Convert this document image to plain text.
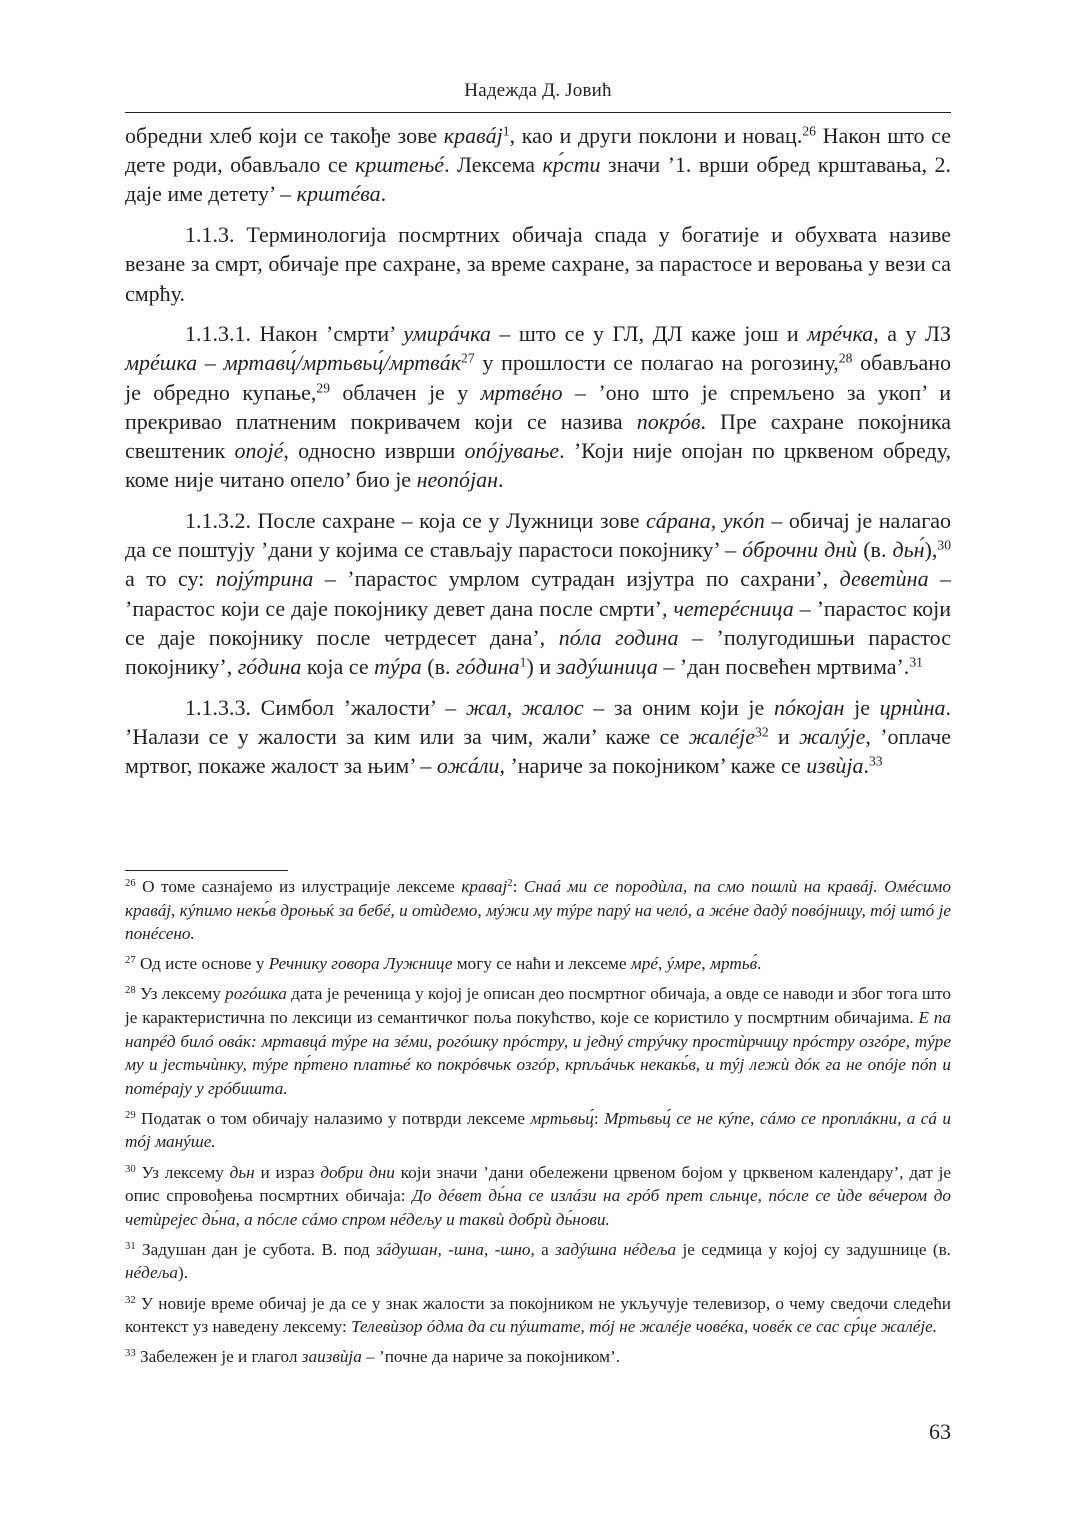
Надежда Д. Јовић

обредни хлеб који се такође зове кравáј$^1$, као и други поклони и новац.$^{26}$ Након што се дете роди, обављало се крштењé. Лексема кр́сти значи ’1. врши обред крштавања, 2. даје име детету’ – крштéва.

1.1.3. Терминологија посмртних обичаја спада у богатије и обухвата називе везане за смрт, обичаје пре сахране, за време сахране, за парастосе и веровања у вези са смрћу.

1.1.3.1. Након ’смрти’ умирáчка – што се у ГЛ, ДЛ каже још и мрéчка, а у ЛЗ мрéшка – мртавц́/мртьвьц́/мртвáк$^{27}$ у прошлости се полагао на рогозину,$^{28}$ обављано је обредно купање,$^{29}$ облачен је у мртвéно – ’оно што је спремљено за укоп’ и прекривао платненим покривачем који се назива покрóв. Пре сахране покојника свештеник опојé, односно изврши опóјување. ’Који није опојан по црквеном обреду, коме није читано опело’ био је неопóјан.

1.1.3.2. После сахране – која се у Лужници зове сáрана, укóп – обичај је налагао да се поштују ’дани у којима се стављају парастоси покојнику’ – óброчни днѝ (в. дьн́),$^{30}$ а то су: појýтрина – ’парастос умрлом сутрадан изјутра по сахрани’, деветѝна – ’парастос који се даје покојнику девет дана после смрти’, четерéсница – ’парастос који се даје покојнику после четрдесет дана’, пóла година – ’полугодишњи парастос покојнику’, гóдина која се тýра (в. гóдина$^1$) и задýшница – ’дан посвећен мртвима’.$^{31}$

1.1.3.3. Симбол ’жалости’ – жал, жалос – за оним који је пóкојан је црнѝна. ’Налази се у жалости за ким или за чим, жали’ каже се жалéје$^{32}$ и жалýје, ’оплаче мртвог, покаже жалост за њим’ – ожáли, ’нариче за покојником’ каже се извѝја.$^{33}$

$^{26}$ О томе сазнајемо из илустрације лексеме кравај$^2$: Снаá ми се породѝла, па смо пошлѝ на кравáј. Омéсимо кравáј, кýпимо некь́в дроњьќ за бебé, и отѝдемо, мýжи му тýре парý на челó, а жéне дадý повóјницу, тóј штó је понéсено.

$^{27}$ Од исте основе у Речнику говора Лужнице могу се наћи и лексеме мрé, ýмре, мртьв́.

$^{28}$ Уз лексему рогóшка дата је реченица у којој је описан део посмртног обичаја, а овде се наводи и због тога што је карактеристична по лексици из семантичког поља покућство, које се користило у посмртним обичајима. Е па напрéд билó овáк: мртавцá тýре на зéми, рогóшку прóстру, и једнý стрýчку простѝрчицу прóстру озгóре, тýре му и јестьчѝнку, тýре пр́тено платњé ко покрóвчьк озгóр, крпљáчьк некакь́в, и тýј лежѝ дóк га не опóје пóп и потéрају у грóбишта.

$^{29}$ Податак о том обичају налазимо у потврди лексеме мртьвьц́: Мртьвьц́ се не кýпе, сáмо се проплáкни, а сá и тóј манýше.

$^{30}$ Уз лексему дьн и израз добри дни који значи ’дани обележени црвеном бојом у црквеном календару’, дат је опис спровођења посмртних обичаја: До дéвет дь́на се излáзи на грóб прет сльнце, пóсле се ѝде вéчером до четѝрејес дь́на, а пóсле сáмо спром нéдељу и таквѝ добрѝ дь́нови.

$^{31}$ Задушан дан је субота. В. под зáдушан, -шна, -шно, а задýшна нéдеља је седмица у којој су задушнице (в. нéдеља).

$^{32}$ У новије време обичај је да се у знак жалости за покојником не укључује телевизор, о чему сведочи следећи контекст уз наведену лексему: Телевѝзор óдма да си пýштате, тóј не жалéје човéка, човéк се сас ср́це жалéје.

$^{33}$ Забележен је и глагол заизвѝја – ’почне да нариче за покојником’.

63
